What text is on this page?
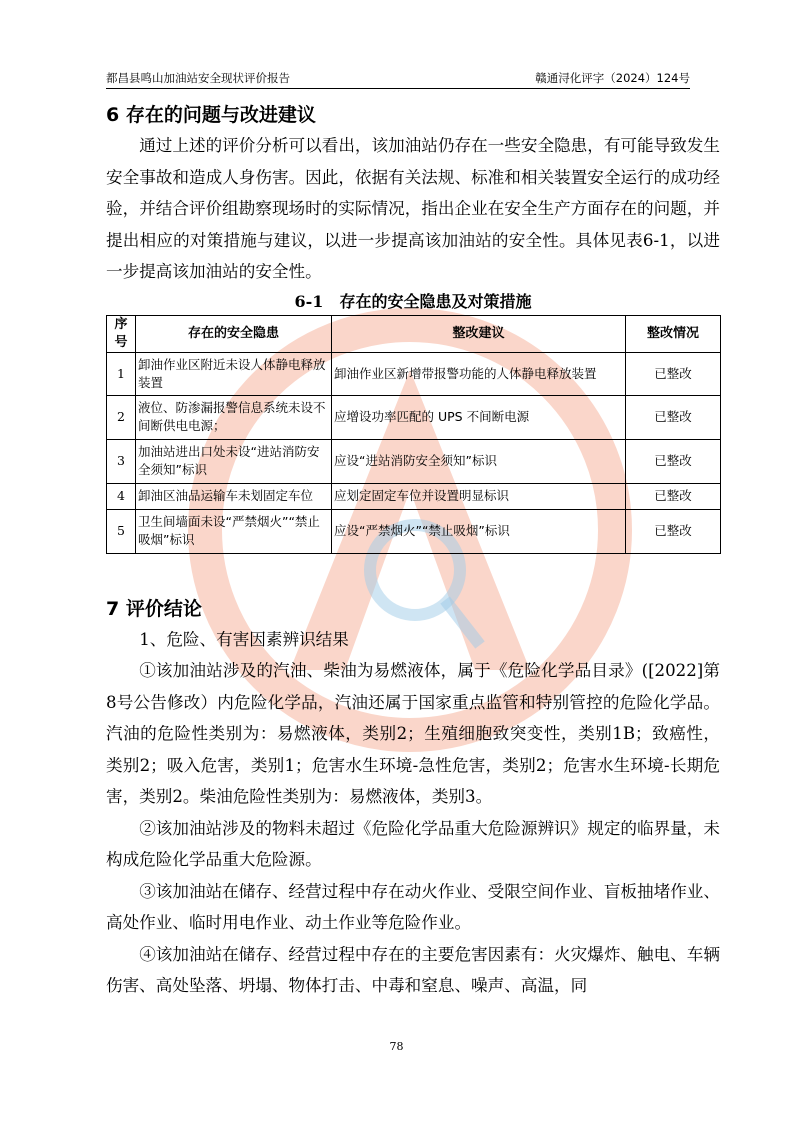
都昌县鸣山加油站安全现状评价报告	赣通浔化评字（2024）124号
6 存在的问题与改进建议

通过上述的评价分析可以看出，该加油站仍存在一些安全隐患，有可能导致发生安全事故和造成人身伤害。因此，依据有关法规、标准和相关装置安全运行的成功经验，并结合评价组勘察现场时的实际情况，指出企业在安全生产方面存在的问题，并提出相应的对策措施与建议，以进一步提高该加油站的安全性。具体见表6-1，以进一步提高该加油站的安全性。

6-1　存在的安全隐患及对策措施
序号	存在的安全隐患	整改建议	整改情况
1	卸油作业区附近未设人体静电释放装置	卸油作业区新增带报警功能的人体静电释放装置	已整改
2	液位、防渗漏报警信息系统未设不间断供电电源；	应增设功率匹配的 UPS 不间断电源	已整改
3	加油站进出口处未设“进站消防安全须知”标识	应设“进站消防安全须知”标识	已整改
4	卸油区油品运输车未划固定车位	应划定固定车位并设置明显标识	已整改
5	卫生间墙面未设“严禁烟火”“禁止吸烟”标识	应设“严禁烟火”“禁止吸烟”标识	已整改
7 评价结论

1、危险、有害因素辨识结果

①该加油站涉及的汽油、柴油为易燃液体，属于《危险化学品目录》([2022]第8号公告修改）内危险化学品，汽油还属于国家重点监管和特别管控的危险化学品。汽油的危险性类别为：易燃液体，类别2；生殖细胞致突变性，类别1B；致癌性，类别2；吸入危害，类别1；危害水生环境-急性危害，类别2；危害水生环境-长期危害，类别2。柴油危险性类别为：易燃液体，类别3。

②该加油站涉及的物料未超过《危险化学品重大危险源辨识》规定的临界量，未构成危险化学品重大危险源。

③该加油站在储存、经营过程中存在动火作业、受限空间作业、盲板抽堵作业、高处作业、临时用电作业、动土作业等危险作业。

④该加油站在储存、经营过程中存在的主要危害因素有：火灾爆炸、触电、车辆伤害、高处坠落、坍塌、物体打击、中毒和窒息、噪声、高温，同

78
